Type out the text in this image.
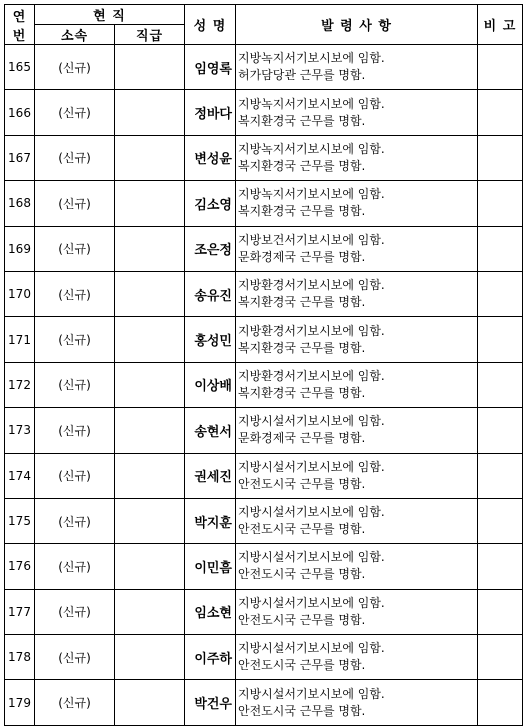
연
번	현 직		성 명	발 령 사 항	비 고
	소속	직급			
165	(신규)		임영록	지방녹지서기보시보에 임함.
허가담당관 근무를 명함.	

166	(신규)		정바다	지방녹지서기보시보에 임함.
복지환경국 근무를 명함.	

167	(신규)		변성윤	지방녹지서기보시보에 임함.
복지환경국 근무를 명함.	

168	(신규)		김소영	지방녹지서기보시보에 임함.
복지환경국 근무를 명함.	

169	(신규)		조은정	지방보건서기보시보에 임함.
문화경제국 근무를 명함.	

170	(신규)		송유진	지방환경서기보시보에 임함.
복지환경국 근무를 명함.	

171	(신규)		홍성민	지방환경서기보시보에 임함.
복지환경국 근무를 명함.	

172	(신규)		이상배	지방환경서기보시보에 임함.
복지환경국 근무를 명함.	

173	(신규)		송현서	지방시설서기보시보에 임함.
문화경제국 근무를 명함.	

174	(신규)		권세진	지방시설서기보시보에 임함.
안전도시국 근무를 명함.	

175	(신규)		박지훈	지방시설서기보시보에 임함.
안전도시국 근무를 명함.	

176	(신규)		이민흠	지방시설서기보시보에 임함.
안전도시국 근무를 명함.	

177	(신규)		임소현	지방시설서기보시보에 임함.
안전도시국 근무를 명함.	

178	(신규)		이주하	지방시설서기보시보에 임함.
안전도시국 근무를 명함.	

179	(신규)		박건우	지방시설서기보시보에 임함.
안전도시국 근무를 명함.	
